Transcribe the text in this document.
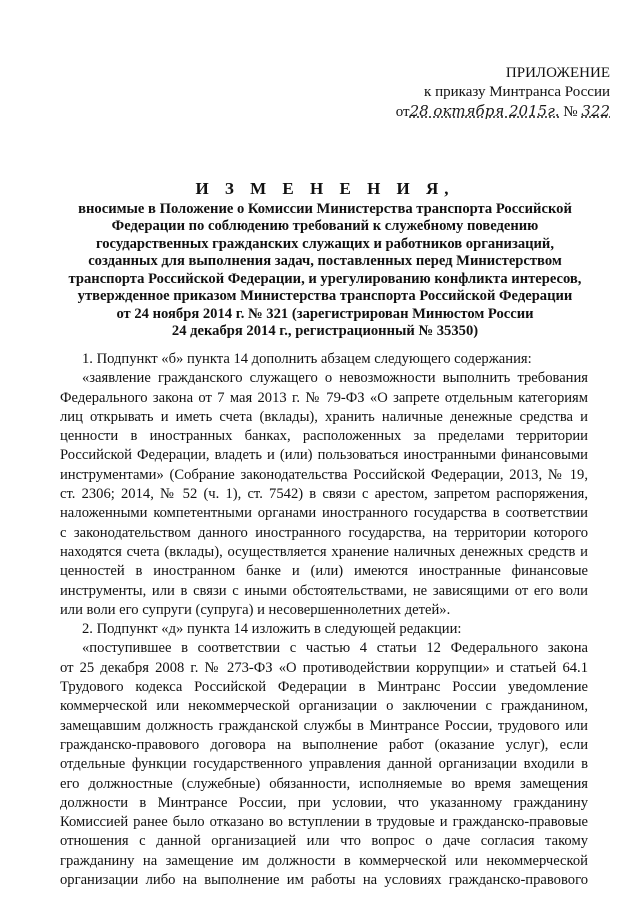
ПРИЛОЖЕНИЕ
к приказу Минтранса России
от28 октября 2015г. № 322
И З М Е Н Е Н И Я,
вносимые в Положение о Комиссии Министерства транспорта Российской
Федерации по соблюдению требований к служебному поведению
государственных гражданских служащих и работников организаций,
созданных для выполнения задач, поставленных перед Министерством
транспорта Российской Федерации, и урегулированию конфликта интересов,
утвержденное приказом Министерства транспорта Российской Федерации
от 24 ноября 2014 г. № 321 (зарегистрирован Минюстом России
24 декабря 2014 г., регистрационный № 35350)
1. Подпункт «б» пункта 14 дополнить абзацем следующего содержания:
«заявление гражданского служащего о невозможности выполнить требования
Федерального закона от 7 мая 2013 г. № 79-ФЗ «О запрете отдельным категориям
лиц открывать и иметь счета (вклады), хранить наличные денежные средства и
ценности в иностранных банках, расположенных за пределами территории
Российской Федерации, владеть и (или) пользоваться иностранными финансовыми
инструментами» (Собрание законодательства Российской Федерации, 2013, № 19,
ст. 2306; 2014, № 52 (ч. 1), ст. 7542) в связи с арестом, запретом распоряжения,
наложенными компетентными органами иностранного государства в соответствии
с законодательством данного иностранного государства, на территории которого
находятся счета (вклады), осуществляется хранение наличных денежных средств и
ценностей в иностранном банке и (или) имеются иностранные финансовые
инструменты, или в связи с иными обстоятельствами, не зависящими от его воли
или воли его супруги (супруга) и несовершеннолетних детей».
2. Подпункт «д» пункта 14 изложить в следующей редакции:
«поступившее в соответствии с частью 4 статьи 12 Федерального закона
от 25 декабря 2008 г. № 273-ФЗ «О противодействии коррупции» и статьей 64.1
Трудового кодекса Российской Федерации в Минтранс России уведомление
коммерческой или некоммерческой организации о заключении с гражданином,
замещавшим должность гражданской службы в Минтрансе России, трудового или
гражданско-правового договора на выполнение работ (оказание услуг), если
отдельные функции государственного управления данной организации входили в
его должностные (служебные) обязанности, исполняемые во время замещения
должности в Минтрансе России, при условии, что указанному гражданину
Комиссией ранее было отказано во вступлении в трудовые и гражданско-правовые
отношения с данной организацией или что вопрос о даче согласия такому
гражданину на замещение им должности в коммерческой или некоммерческой
организации либо на выполнение им работы на условиях гражданско-правового
